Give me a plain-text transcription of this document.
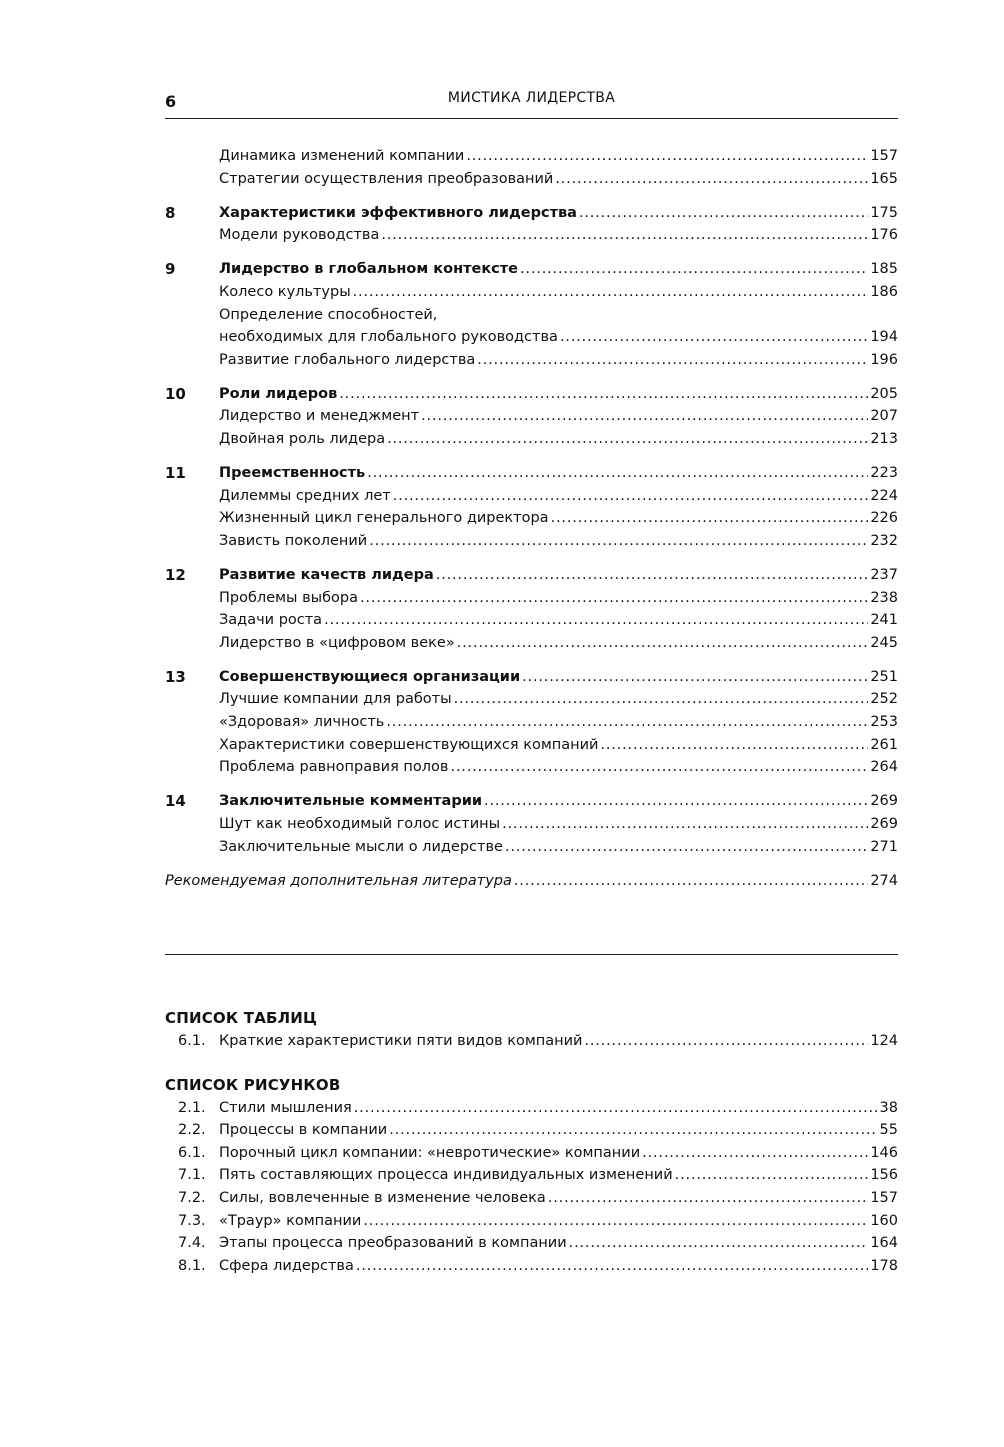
6	МИСТИКА ЛИДЕРСТВА
Динамика изменений компании . . .	157
Стратегии осуществления преобразований . . .	165
8	Характеристики эффективного лидерства . . .	175
Модели руководства . . .	176
9	Лидерство в глобальном контексте . . .	185
Колесо культуры . . .	186
Определение способностей,
необходимых для глобального руководства . . .	194
Развитие глобального лидерства . . .	196
10 Роли лидеров . . .	205
Лидерство и менеджмент . . .	207
Двойная роль лидера . . .	213
11 Преемственность . . .	223
Дилеммы средних лет . . .	224
Жизненный цикл генерального директора . . .	226
Зависть поколений . . .	232
12 Развитие качеств лидера . . .	237
Проблемы выбора . . .	238
Задачи роста . . .	241
Лидерство в «цифровом веке» . . .	245
13 Совершенствующиеся организации . . .	251
Лучшие компании для работы . . .	252
«Здоровая» личность . . .	253
Характеристики совершенствующихся компаний . . .	261
Проблема равноправия полов . . .	264
14 Заключительные комментарии . . .	269
Шут как необходимый голос истины . . .	269
Заключительные мысли о лидерстве . . .	271
Рекомендуемая дополнительная литература . . .	274
СПИСОК ТАБЛИЦ
6.1. Краткие характеристики пяти видов компаний . . .	124
СПИСОК РИСУНКОВ
2.1. Стили мышления . . .	38
2.2. Процессы в компании . . .	55
6.1. Порочный цикл компании: «невротические» компании . . .	146
7.1. Пять составляющих процесса индивидуальных изменений . . .	156
7.2. Силы, вовлеченные в изменение человека . . .	157
7.3. «Траур» компании . . .	160
7.4. Этапы процесса преобразований в компании . . .	164
8.1. Сфера лидерства . . .	178
